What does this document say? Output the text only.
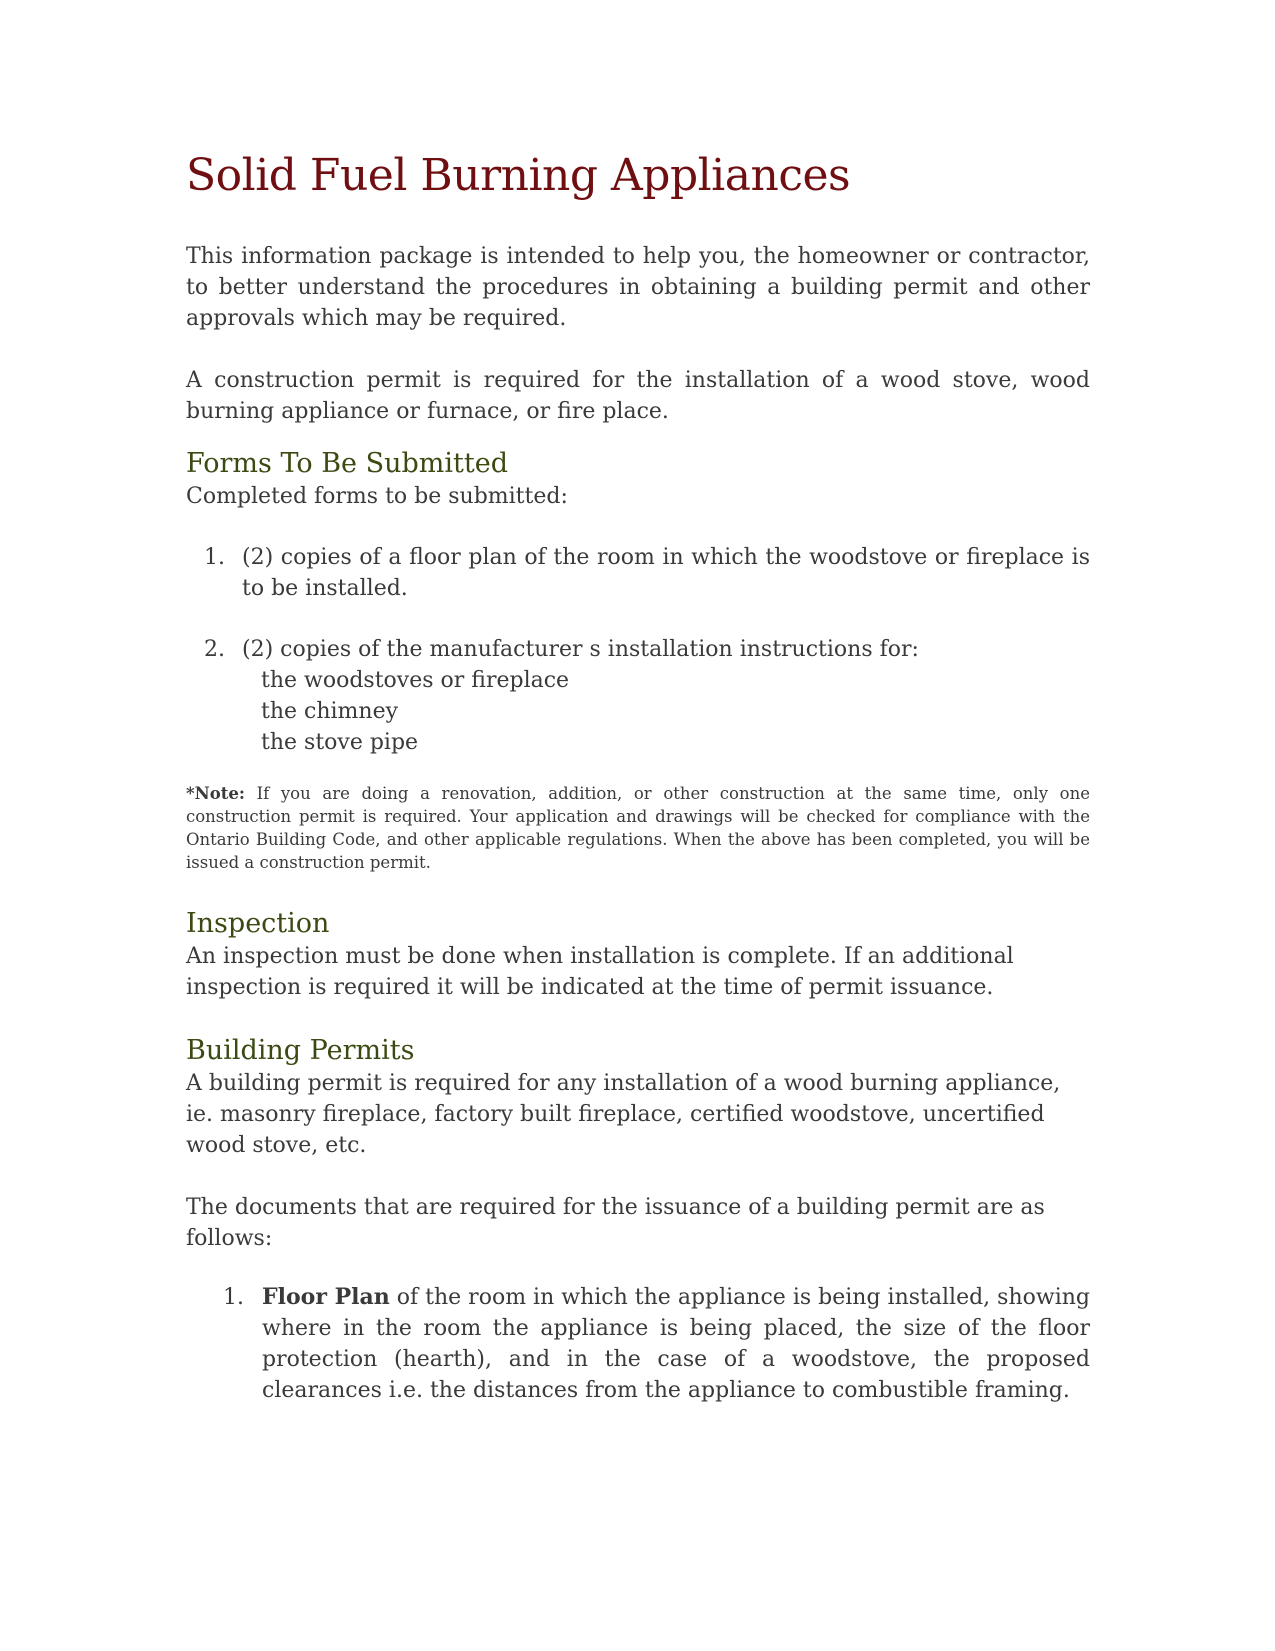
Solid Fuel Burning Appliances

This information package is intended to help you, the homeowner or contractor, to better understand the procedures in obtaining a building permit and other approvals which may be required.

A construction permit is required for the installation of a wood stove, wood burning appliance or furnace, or fire place.

Forms To Be Submitted

Completed forms to be submitted:

1. (2) copies of a floor plan of the room in which the woodstove or fireplace is to be installed.
2. (2) copies of the manufacturer s installation instructions for:
the woodstoves or fireplace
the chimney
the stove pipe

*Note: If you are doing a renovation, addition, or other construction at the same time, only one construction permit is required. Your application and drawings will be checked for compliance with the Ontario Building Code, and other applicable regulations. When the above has been completed, you will be issued a construction permit.

Inspection

An inspection must be done when installation is complete. If an additional inspection is required it will be indicated at the time of permit issuance.

Building Permits

A building permit is required for any installation of a wood burning appliance, ie. masonry fireplace, factory built fireplace, certified woodstove, uncertified wood stove, etc.

The documents that are required for the issuance of a building permit are as follows:

1. Floor Plan of the room in which the appliance is being installed, showing where in the room the appliance is being placed, the size of the floor protection (hearth), and in the case of a woodstove, the proposed clearances i.e. the distances from the appliance to combustible framing.
